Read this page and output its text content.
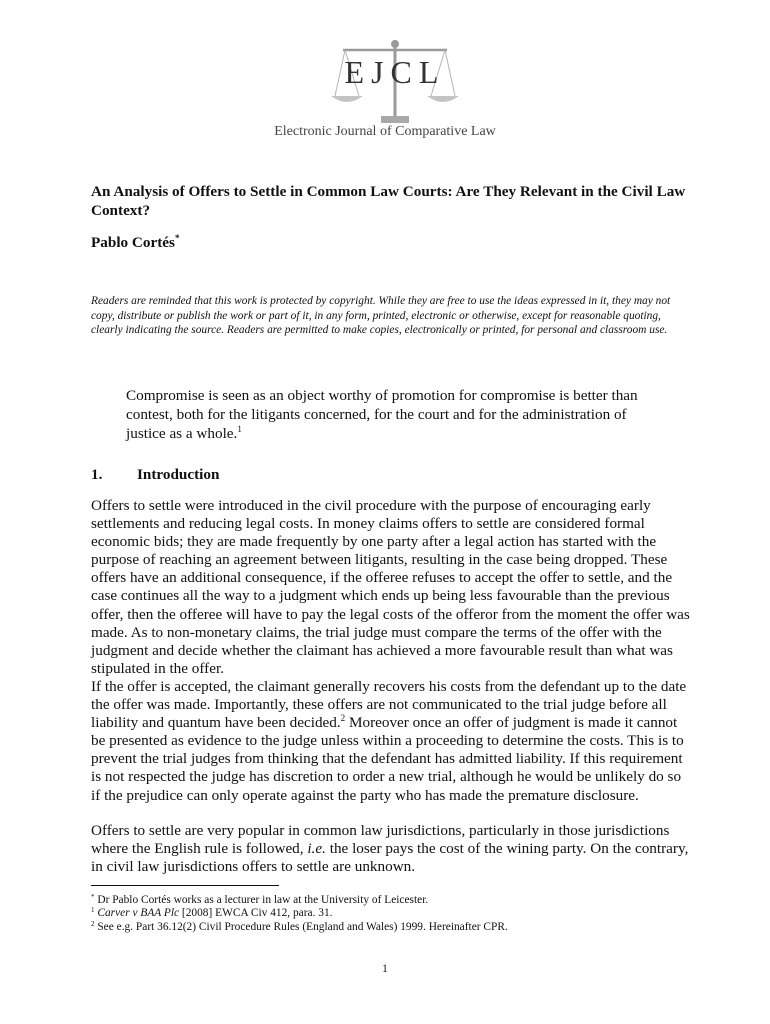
EJCL
Electronic Journal of Comparative Law
An Analysis of Offers to Settle in Common Law Courts: Are They Relevant in the Civil Law Context?
Pablo Cortés*

Readers are reminded that this work is protected by copyright. While they are free to use the ideas expressed in it, they may not copy, distribute or publish the work or part of it, in any form, printed, electronic or otherwise, except for reasonable quoting, clearly indicating the source. Readers are permitted to make copies, electronically or printed, for personal and classroom use.

Compromise is seen as an object worthy of promotion for compromise is better than contest, both for the litigants concerned, for the court and for the administration of justice as a whole.$^1$

1. Introduction

Offers to settle were introduced in the civil procedure with the purpose of encouraging early settlements and reducing legal costs. In money claims offers to settle are considered formal economic bids; they are made frequently by one party after a legal action has started with the purpose of reaching an agreement between litigants, resulting in the case being dropped. These offers have an additional consequence, if the offeree refuses to accept the offer to settle, and the case continues all the way to a judgment which ends up being less favourable than the previous offer, then the offeree will have to pay the legal costs of the offeror from the moment the offer was made. As to non-monetary claims, the trial judge must compare the terms of the offer with the judgment and decide whether the claimant has achieved a more favourable result than what was stipulated in the offer.

If the offer is accepted, the claimant generally recovers his costs from the defendant up to the date the offer was made. Importantly, these offers are not communicated to the trial judge before all liability and quantum have been decided.$^2$ Moreover once an offer of judgment is made it cannot be presented as evidence to the judge unless within a proceeding to determine the costs. This is to prevent the trial judges from thinking that the defendant has admitted liability. If this requirement is not respected the judge has discretion to order a new trial, although he would be unlikely do so if the prejudice can only operate against the party who has made the premature disclosure.

Offers to settle are very popular in common law jurisdictions, particularly in those jurisdictions where the English rule is followed, i.e. the loser pays the cost of the wining party. On the contrary, in civil law jurisdictions offers to settle are unknown.

* Dr Pablo Cortés works as a lecturer in law at the University of Leicester.
$^1$ Carver v BAA Plc [2008] EWCA Civ 412, para. 31.
$^2$ See e.g. Part 36.12(2) Civil Procedure Rules (England and Wales) 1999. Hereinafter CPR.
1
